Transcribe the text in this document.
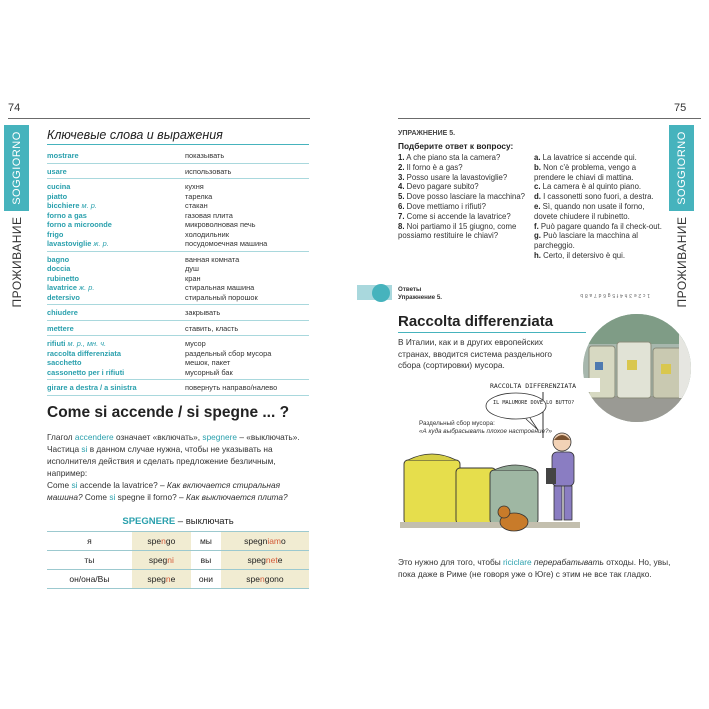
74
SOGGIORNO
ПРОЖИВАНИЕ
Ключевые слова и выражения
mostrare	показывать
usare	использовать
cucina	кухня
piatto	тарелка
bicchiere м. р.	стакан
forno a gas	газовая плита
forno a microonde	микроволновая печь
frigo	холодильник
lavastoviglie ж. р.	посудомоечная машина
bagno	ванная комната
doccia	душ
rubinetto	кран
lavatrice ж. р.	стиральная машина
detersivo	стиральный порошок
chiudere	закрывать
mettere	ставить, класть
rifiuti м. р., мн. ч.	мусор
raccolta differenziata	раздельный сбор мусора
sacchetto	мешок, пакет
cassonetto per i rifiuti	мусорный бак
girare a destra / a sinistra	повернуть направо/налево
Come si accende / si spegne ... ?
Глагол accendere означает «включать», spegnere – «выключать». Частица si в данном случае нужна, чтобы не указывать на исполнителя действия и сделать предложение безличным, например:
Come si accende la lavatrice? – Как включается стиральная машина? Come si spegne il forno? – Как выключается плита?
SPEGNERE – выключать
я	spengo	мы	spegniamo
ты	spegni	вы	spegnete
он/она/Вы	spegne	они	spengono
75
SOGGIORNO
ПРОЖИВАНИЕ
УПРАЖНЕНИЕ 5.
Подберите ответ к вопросу:
1. A che piano sta la camera?
2. Il forno è a gas?
3. Posso usare la lavastoviglie?
4. Devo pagare subito?
5. Dove posso lasciare la macchina?
6. Dove mettiamo i rifiuti?
7. Come si accende la lavatrice?
8. Noi partiamo il 15 giugno, come possiamo restituire le chiavi?
a. La lavatrice si accende qui.
b. Non c'è problema, vengo a prendere le chiavi di mattina.
c. La camera è al quinto piano.
d. I cassonetti sono fuori, a destra.
e. Sì, quando non usate il forno, dovete chiudere il rubinetto.
f. Può pagare quando fa il check-out.
g. Può lasciare la macchina al parcheggio.
h. Certo, il detersivo è qui.
Ответы
Упражнение 5.	1 c 2 e 3 h 4 f 5 g 6 d 7 a 8 b
Raccolta differenziata
В Италии, как и в других европейских странах, вводится система раздельного сбора (сортировки) мусора.
RACCOLTA DIFFERENZIATA
IL MALUMORE DOVE LO BUTTO?
Раздельный сбор мусора:
«А куда выбрасывать плохое настроение?»
Это нужно для того, чтобы riciclare перерабатывать отходы. Но, увы, пока даже в Риме (не говоря уже о Юге) с этим не все так гладко.
